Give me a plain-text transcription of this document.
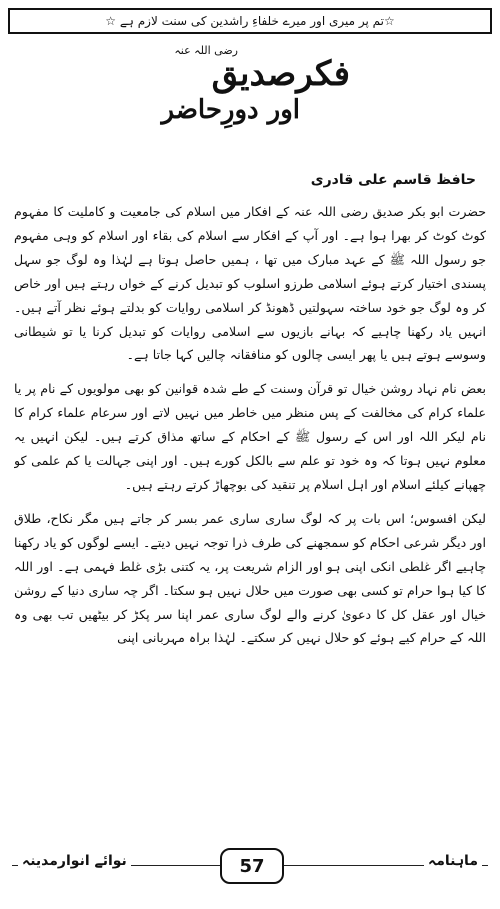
☆تم پر میری اور میرے خلفاءِ راشدین کی سنت لازم ہے ☆
فکرصدیق
رضی اللہ عنہ
اور دورِحاضر
حافظ قاسم علی قادری

حضرت ابو بکر صدیق رضی اللہ عنہ کے افکار میں اسلام کی جامعیت و کاملیت کا مفہوم کوٹ کوٹ کر بھرا ہوا ہے۔ اور آپ کے افکار سے اسلام کی بقاء اور اسلام کو وہی مفہوم جو رسول اللہ ﷺ کے عہد مبارک میں تھا ، ہمیں حاصل ہوتا ہے لہٰذا وہ لوگ جو سہل پسندی اختیار کرتے ہوئے اسلامی طرزو اسلوب کو تبدیل کرنے کے خواں رہتے ہیں اور خاص کر وہ لوگ جو خود ساختہ سہولتیں ڈھونڈ کر اسلامی روایات کو بدلتے ہوئے نظر آتے ہیں۔ انہیں یاد رکھنا چاہیے کہ بہانے بازیوں سے اسلامی روایات کو تبدیل کرنا یا تو شیطانی وسوسے ہوتے ہیں یا پھر ایسی چالوں کو منافقانہ چالیں کہا جاتا ہے۔

بعض نام نہاد روشن خیال تو قرآن وسنت کے طے شدہ قوانین کو بھی مولویوں کے نام پر یا علماء کرام کی مخالفت کے پس منظر میں خاطر میں نہیں لاتے اور سرعام علماء کرام کا نام لیکر اللہ اور اس کے رسول ﷺ کے احکام کے ساتھ مذاق کرتے ہیں۔ لیکن انہیں یہ معلوم نہیں ہوتا کہ وہ خود تو علم سے بالکل کورے ہیں۔ اور اپنی جہالت یا کم علمی کو چھپانے کیلئے اسلام اور اہل اسلام پر تنقید کی بوچھاڑ کرتے رہتے ہیں۔

لیکن افسوس؛ اس بات پر کہ لوگ ساری ساری عمر بسر کر جاتے ہیں مگر نکاح، طلاق اور دیگر شرعی احکام کو سمجھنے کی طرف ذرا توجہ نہیں دیتے۔ ایسے لوگوں کو یاد رکھنا چاہیے اگر غلطی انکی اپنی ہو اور الزام شریعت پر، یہ کتنی بڑی غلط فہمی ہے۔ اور اللہ کا کیا ہوا حرام تو کسی بھی صورت میں حلال نہیں ہو سکتا۔ اگر چہ ساری دنیا کے روشن خیال اور عقل کل کا دعویٰ کرنے والے لوگ ساری عمر اپنا سر پکڑ کر بیٹھیں تب بھی وہ اللہ کے حرام کیے ہوئے کو حلال نہیں کر سکتے۔ لہٰذا براہ مہربانی اپنی

نوائے انوارمدینہ	57	ماہنامہ
